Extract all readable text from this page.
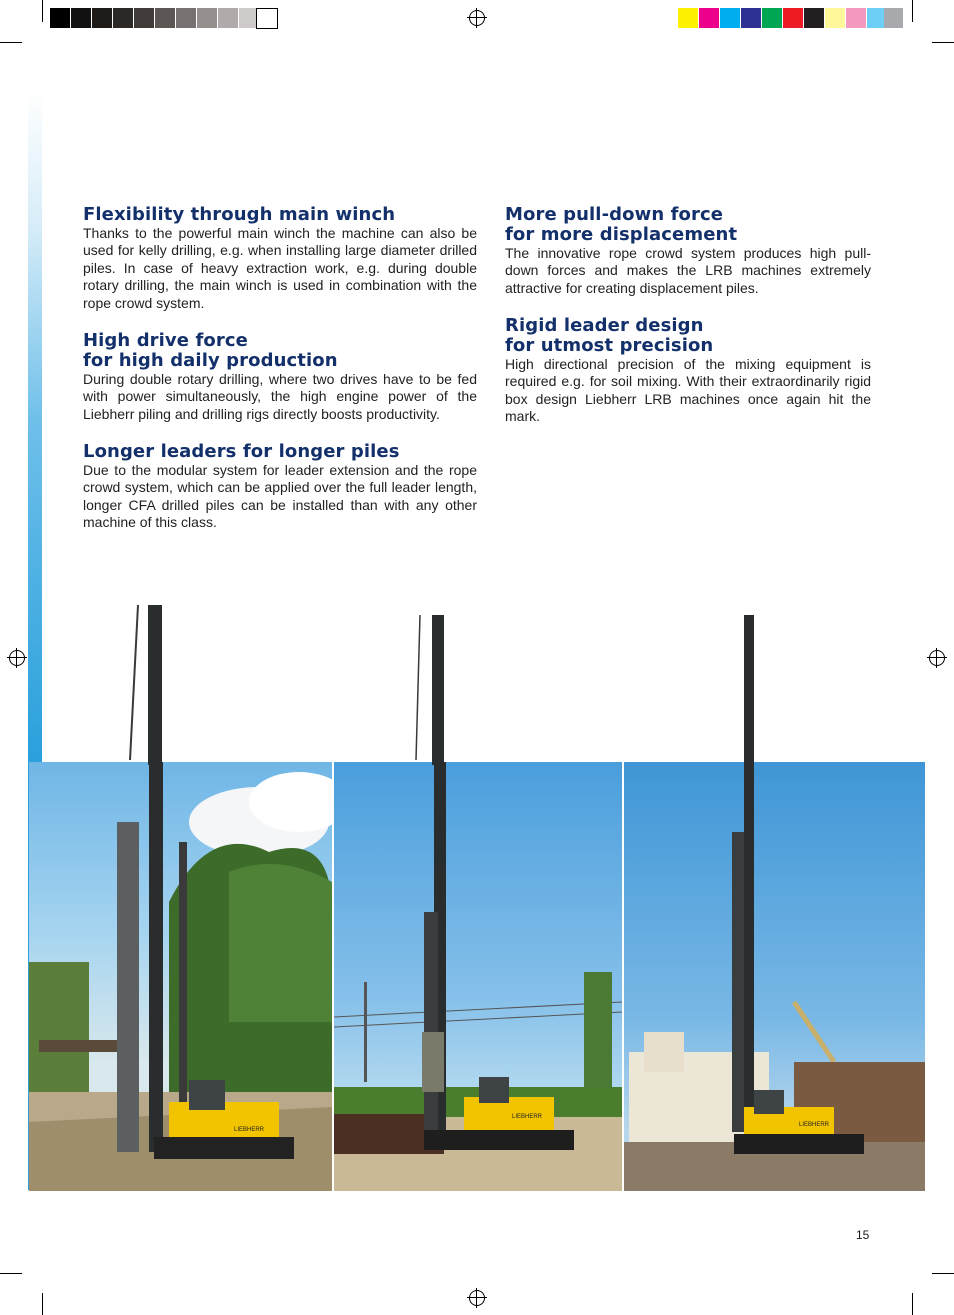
Flexibility through main winch

Thanks to the powerful main winch the machine can also be used for kelly drilling, e.g. when installing large diameter drilled piles. In case of heavy extraction work, e.g. during double rotary drilling, the main winch is used in combination with the rope crowd system.

High drive force
for high daily production

During double rotary drilling, where two drives have to be fed with power simultaneously, the high engine power of the Liebherr piling and drilling rigs directly boosts productivity.

Longer leaders for longer piles

Due to the modular system for leader extension and the rope crowd system, which can be applied over the full leader length, longer CFA drilled piles can be installed than with any other machine of this class.

More pull-down force
for more displacement

The innovative rope crowd system produces high pull-down forces and makes the LRB machines extremely attractive for creating displacement piles.

Rigid leader design
for utmost precision

High directional precision of the mixing equipment is required e.g. for soil mixing. With their extraordinarily rigid box design Liebherr LRB machines once again hit the mark.

LIEBHERR
LIEBHERR
LIEBHERR
15
